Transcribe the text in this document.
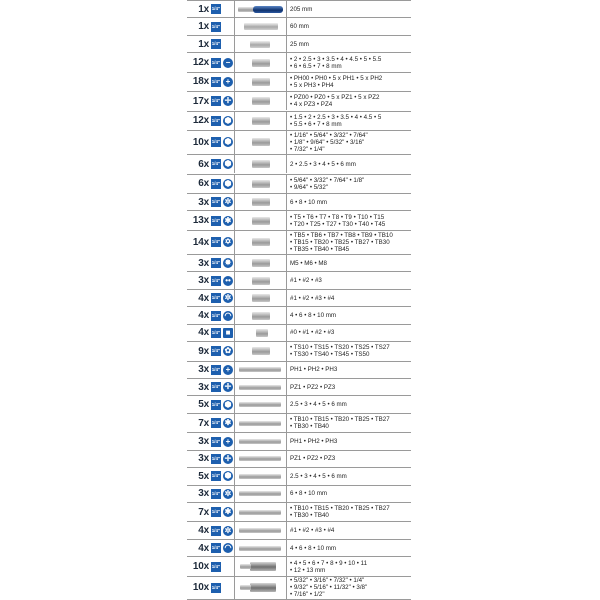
1x 1/4"	205 mm
1x 1/4"	60 mm
1x 1/4"	25 mm
12x 1/4" −	• 2 • 2.5 • 3 • 3.5 • 4 • 4.5 • 5 • 5.5
• 6 • 6.5 • 7 • 8 mm
18x 1/4" +	• PH00 • PH0 • 5 x PH1 • 5 x PH2
• 5 x PH3 • PH4
17x 1/4" ✛	• PZ00 • PZ0 • 5 x PZ1 • 5 x PZ2
• 4 x PZ3 • PZ4
12x 1/4" ⬢	• 1.5 • 2 • 2.5 • 3 • 3.5 • 4 • 4.5 • 5
• 5.5 • 6 • 7 • 8 mm
10x 1/4" ⬢
• 1/16" • 5/64" • 3/32" • 7/64"
• 1/8" • 9/64" • 5/32" • 3/16"
• 7/32" • 1/4"
6x 1/4" ⬢	2 • 2.5 • 3 • 4 • 5 • 6 mm
6x 1/4" ⬢	• 5/64" • 3/32" • 7/64" • 1/8"
• 9/64" • 5/32"
3x 1/4" ✲	6 • 8 • 10 mm
13x 1/4" ✱	• T5 • T6 • T7 • T8 • T9 • T10 • T15
• T20 • T25 • T27 • T30 • T40 • T45
14x 1/4" ✡
• TB5 • TB6 • TB7 • TB8 • TB9 • TB10
• TB15 • TB20 • TB25 • TB27 • TB30
• TB35 • TB40 • TB45
3x 1/4" ✸	M5 • M6 • M8
3x 1/4" ••	#1 • #2 • #3
4x 1/4" ✲	#1 • #2 • #3 • #4
4x 1/4" ◠	4 • 6 • 8 • 10 mm
4x 1/4" ■	#0 • #1 • #2 • #3
9x 1/4" ✿	• TS10 • TS15 • TS20 • TS25 • TS27
• TS30 • TS40 • TS45 • TS50
3x 1/4" +	PH1 • PH2 • PH3
3x 1/4" ✛	PZ1 • PZ2 • PZ3
5x 1/4" ⬢	2.5 • 3 • 4 • 5 • 6 mm
7x 1/4" ✱	• TB10 • TB15 • TB20 • TB25 • TB27
• TB30 • TB40
3x 1/4" +	PH1 • PH2 • PH3
3x 1/4" ✛	PZ1 • PZ2 • PZ3
5x 1/4" ⬢	2.5 • 3 • 4 • 5 • 6 mm
3x 1/4" ✲	6 • 8 • 10 mm
7x 1/4" ✱	• TB10 • TB15 • TB20 • TB25 • TB27
• TB30 • TB40
4x 1/4" ✲	#1 • #2 • #3 • #4
4x 1/4" ◠	4 • 6 • 8 • 10 mm
10x 1/4"	• 4 • 5 • 6 • 7 • 8 • 9 • 10 • 11
• 12 • 13 mm
10x 1/4"
• 5/32" • 3/16" • 7/32" • 1/4"
• 9/32" • 5/16" • 11/32" • 3/8"
• 7/16" • 1/2"
